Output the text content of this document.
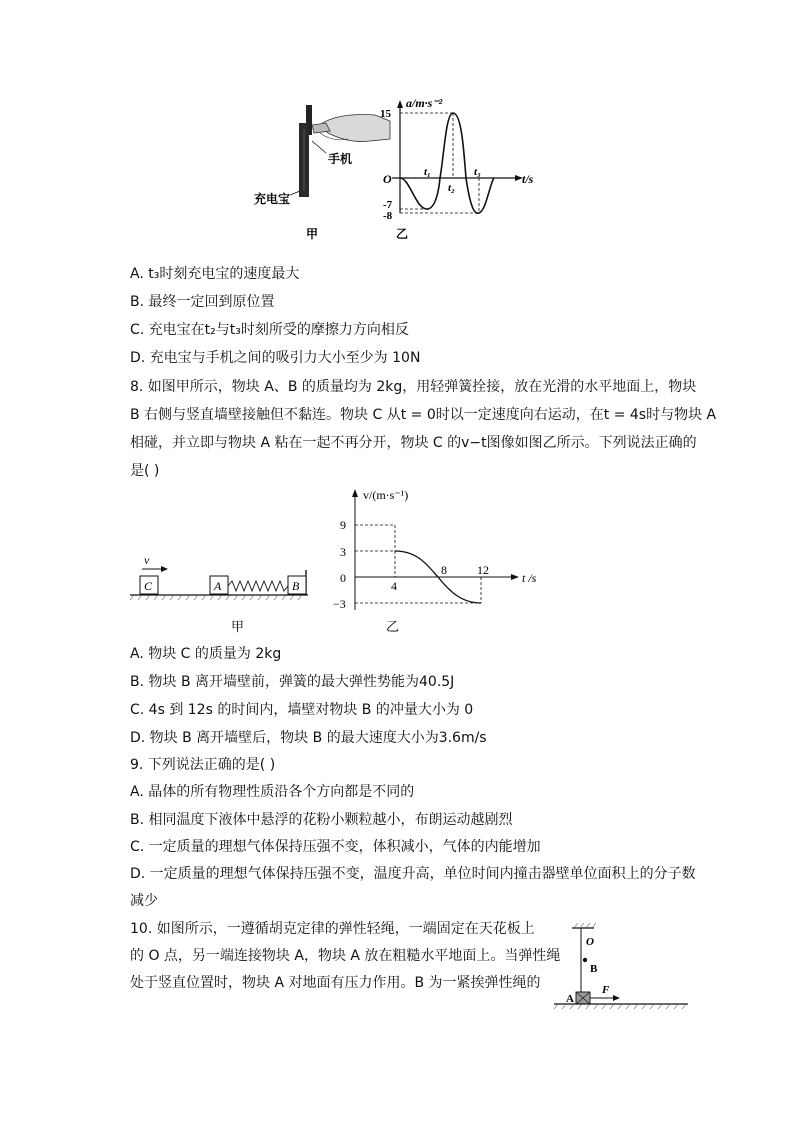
手机
充电宝
甲
a/m·s⁻²
t/s
O
15
-7
-8
t₁
t₂
t₃
乙
A. t₃时刻充电宝的速度最大
B. 最终一定回到原位置
C. 充电宝在t₂与t₃时刻所受的摩擦力方向相反
D. 充电宝与手机之间的吸引力大小至少为 10N
8. 如图甲所示，物块 A、B 的质量均为 2kg，用轻弹簧拴接，放在光滑的水平地面上，物块
B 右侧与竖直墙壁接触但不黏连。物块 C 从t = 0时以一定速度向右运动，在t = 4s时与物块 A
相碰，并立即与物块 A 粘在一起不再分开，物块 C 的v−t图像如图乙所示。下列说法正确的
是( )
C
v
A	B
甲
v/(m·s⁻¹)
t /s
9
3
0
−3
4
8	12
乙
A. 物块 C 的质量为 2kg
B. 物块 B 离开墙壁前，弹簧的最大弹性势能为40.5J
C. 4s 到 12s 的时间内，墙壁对物块 B 的冲量大小为 0
D. 物块 B 离开墙壁后，物块 B 的最大速度大小为3.6m/s
9. 下列说法正确的是( )
A. 晶体的所有物理性质沿各个方向都是不同的
B. 相同温度下液体中悬浮的花粉小颗粒越小，布朗运动越剧烈
C. 一定质量的理想气体保持压强不变，体积减小，气体的内能增加
D. 一定质量的理想气体保持压强不变，温度升高，单位时间内撞击器壁单位面积上的分子数
减少
10. 如图所示，一遵循胡克定律的弹性轻绳，一端固定在天花板上
的 O 点，另一端连接物块 A，物块 A 放在粗糙水平地面上。当弹性绳
处于竖直位置时，物块 A 对地面有压力作用。B 为一紧挨弹性绳的
O
B
A
F
